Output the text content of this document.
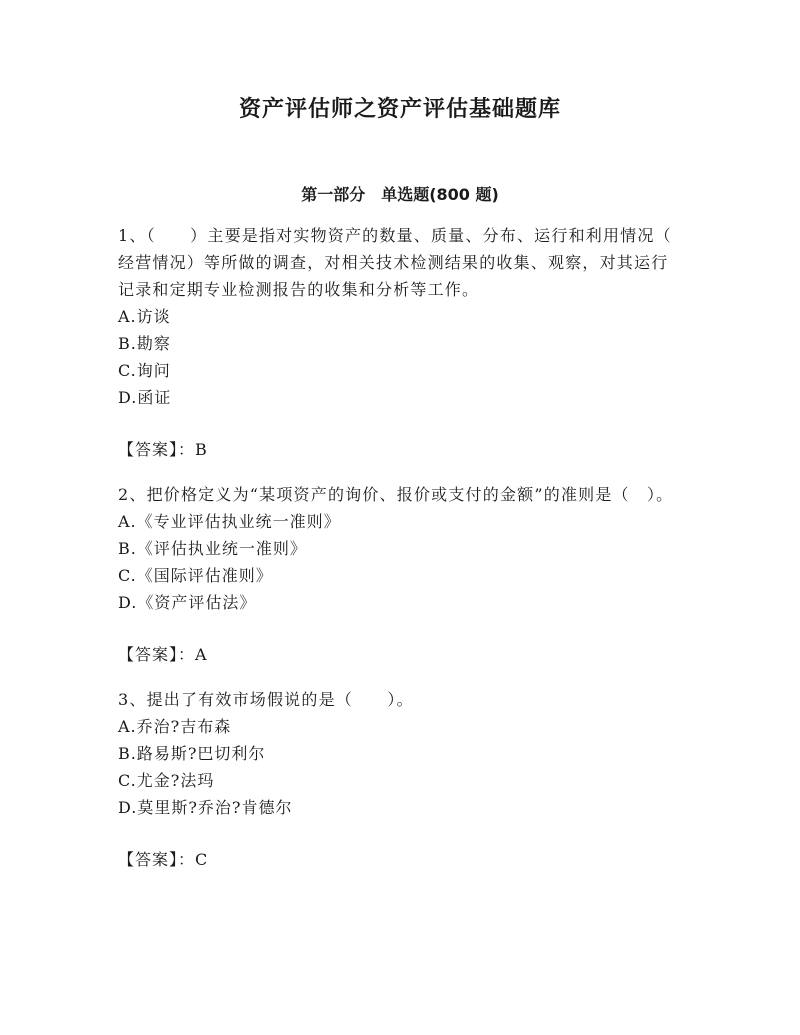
资产评估师之资产评估基础题库
第一部分　单选题(800 题)

1、（　　）主要是指对实物资产的数量、质量、分布、运行和利用情况（　 经营情况）等所做的调查，对相关技术检测结果的收集、观察，对其运行记录和定期专业检测报告的收集和分析等工作。

A.访谈

B.勘察

C.询问

D.函证

【答案】：B

2、把价格定义为“某项资产的询价、报价或支付的金额”的准则是（　）。

A.《专业评估执业统一准则》

B.《评估执业统一准则》

C.《国际评估准则》

D.《资产评估法》

【答案】：A

3、提出了有效市场假说的是（　　）。

A.乔治?吉布森

B.路易斯?巴切利尔

C.尤金?法玛

D.莫里斯?乔治?肯德尔

【答案】：C
